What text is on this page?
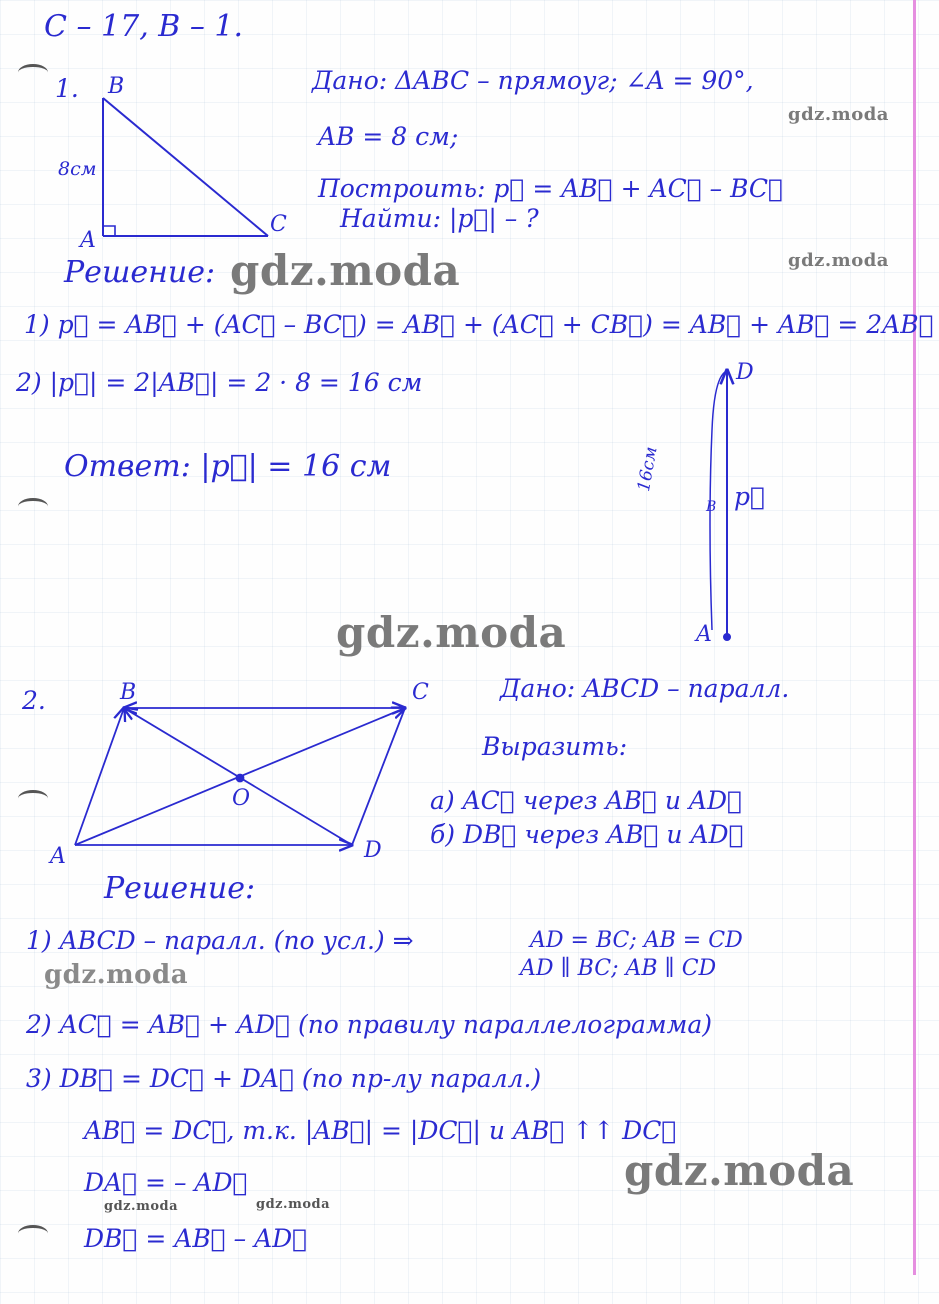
С – 17, В – 1.
1. B
A
C
8см
Дано: ΔABC – прямоуг; ∠A = 90°,
AB = 8 см;
Построить: p⃗ = AB⃗ + AC⃗ – BC⃗
Найти: |p⃗| – ?
Решение:
1) p⃗ = AB⃗ + (AC⃗ – BC⃗) = AB⃗ + (AC⃗ + CB⃗) = AB⃗ + AB⃗ = 2AB⃗
2) |p⃗| = 2|AB⃗| = 2 · 8 = 16 см
Ответ: |p⃗| = 16 см
D
A
B p⃗
16см
2.	B	C
A	D
O
Дано: ABCD – паралл.
Выразить:
а) AC⃗ через AB⃗ и AD⃗
б) DB⃗ через AB⃗ и AD⃗
Решение:
1) ABCD – паралл. (по усл.) ⇒	AD = BC; AB = CD
AD ∥ BC; AB ∥ CD
2) AC⃗ = AB⃗ + AD⃗ (по правилу параллелограмма)
3) DB⃗ = DC⃗ + DA⃗ (по пр-лу паралл.)
AB⃗ = DC⃗, т.к. |AB⃗| = |DC⃗| и AB⃗ ↑↑ DC⃗
DA⃗ = – AD⃗
DB⃗ = AB⃗ – AD⃗
gdz.moda
gdz.moda
gdz.moda
gdz.moda
gdz.moda
gdz.moda
gdz.moda	gdz.moda
